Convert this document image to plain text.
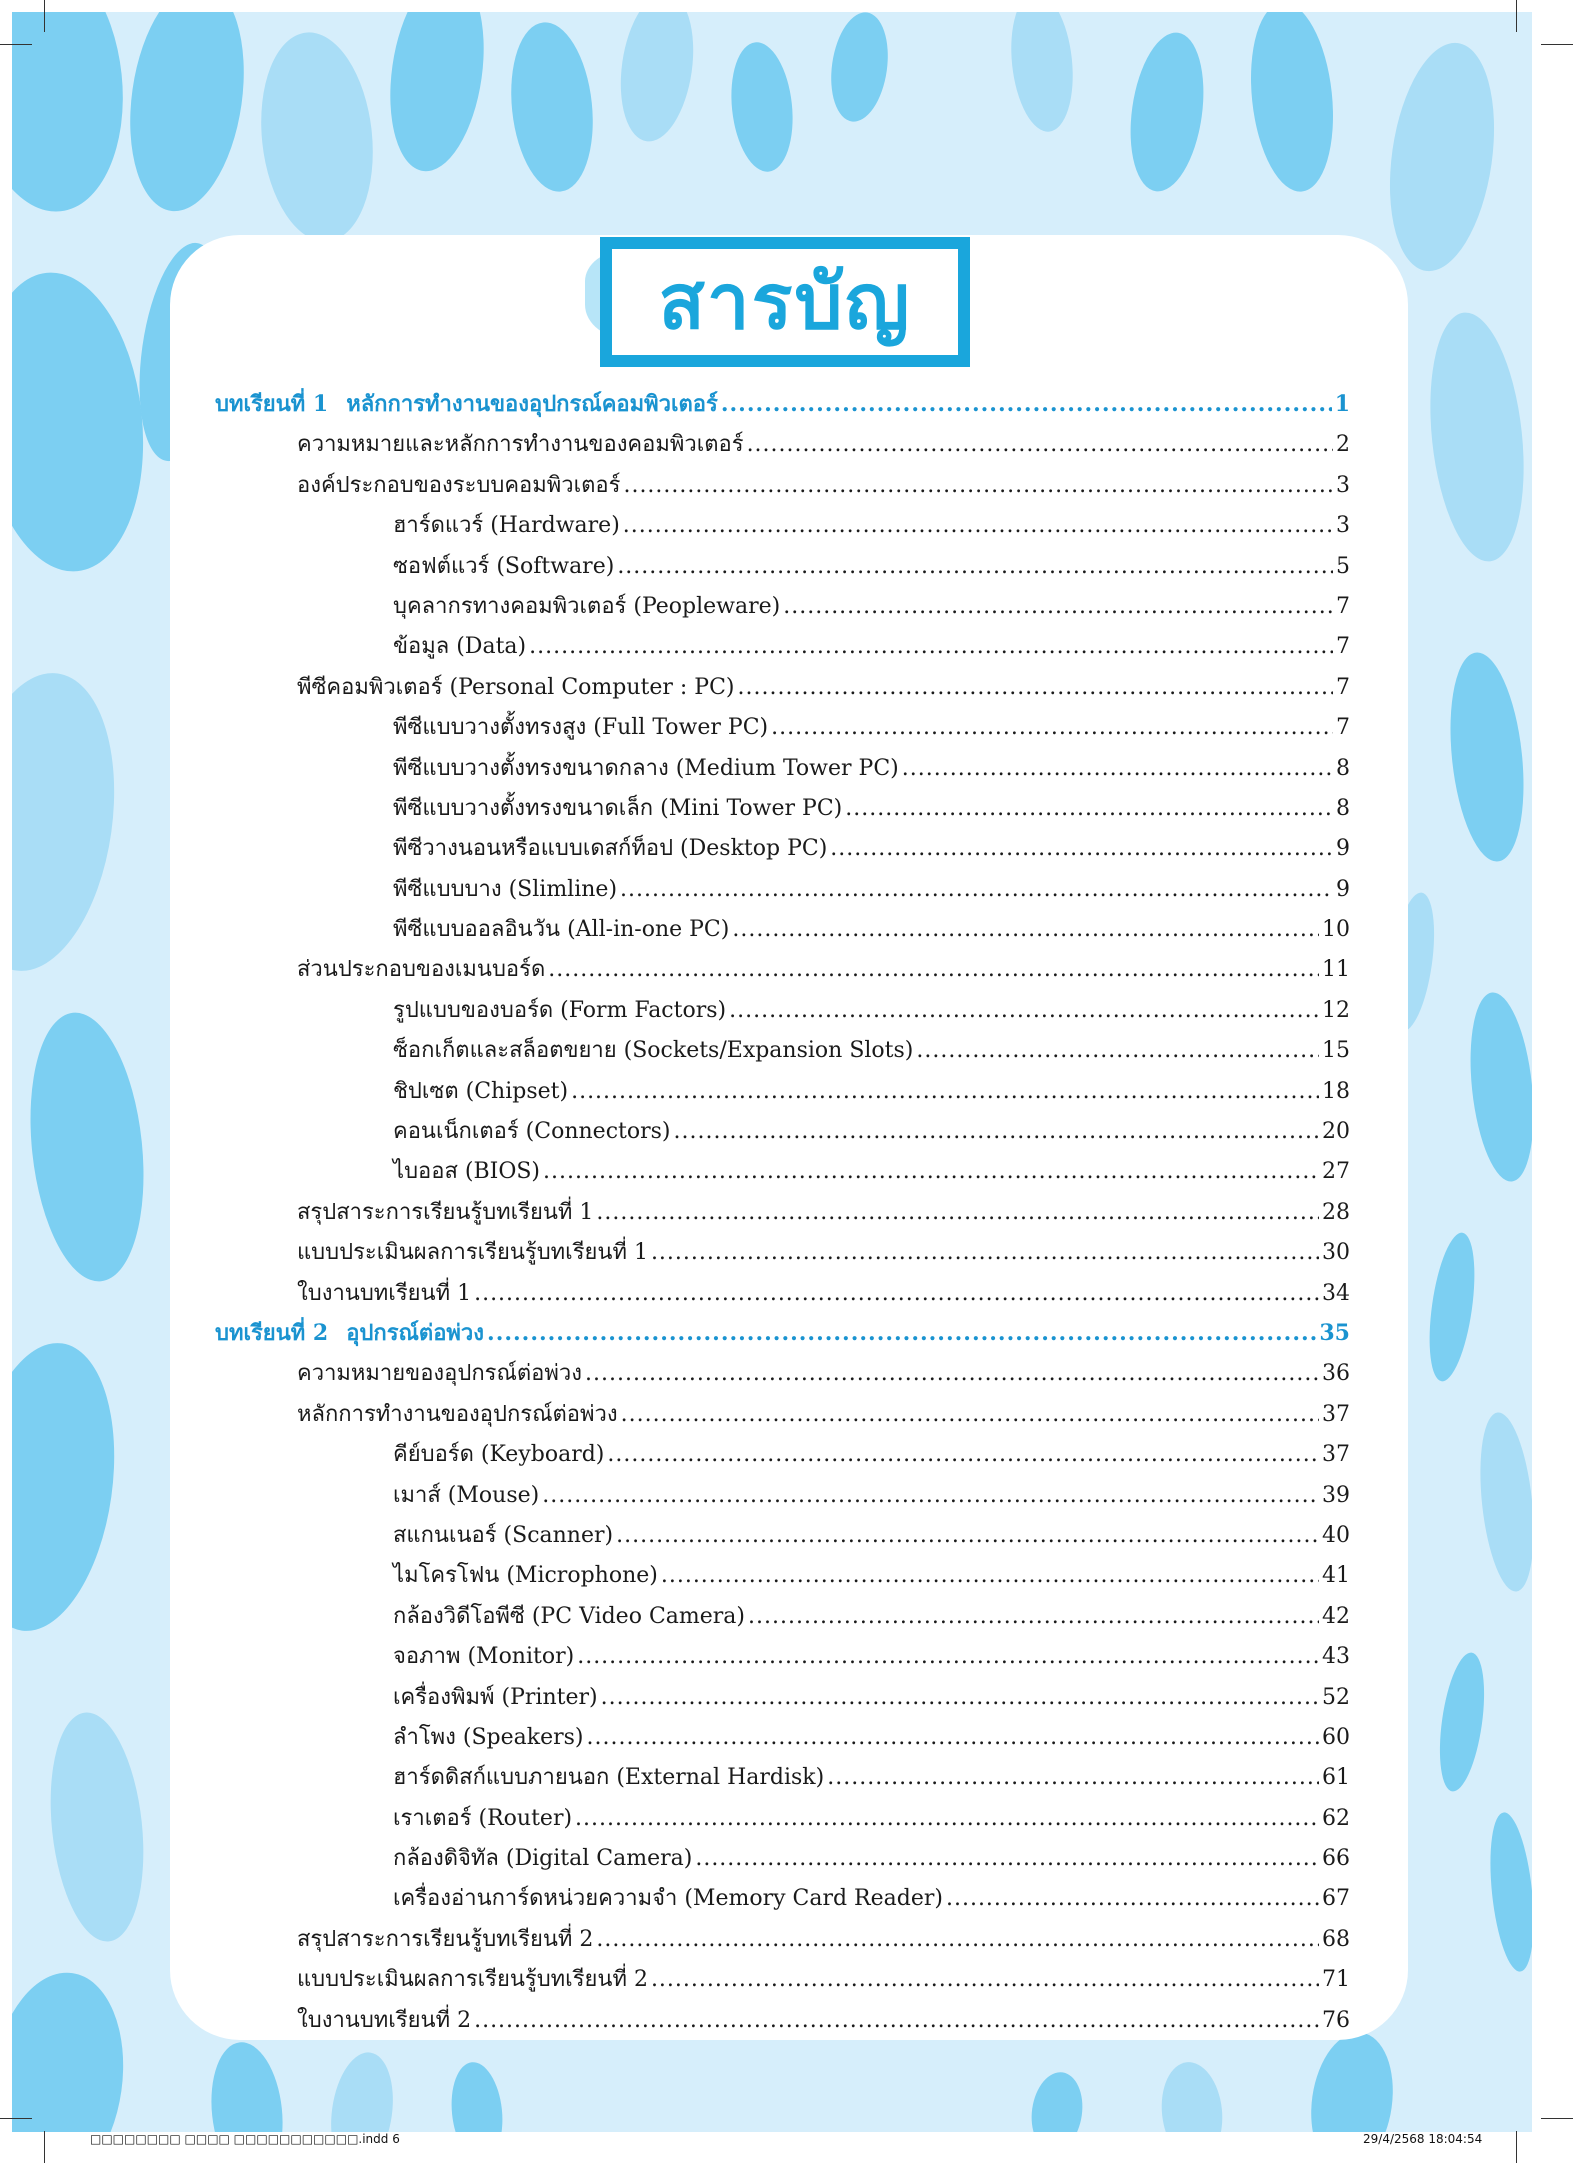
สารบัญ
บทเรียนที่ 1 หลักการทำงานของอุปกรณ์คอมพิวเตอร์ .....	1
ความหมายและหลักการทำงานของคอมพิวเตอร์ .....	2
องค์ประกอบของระบบคอมพิวเตอร์ .....	3
ฮาร์ดแวร์ (Hardware) .....	3
ซอฟต์แวร์ (Software) .....	5
บุคลากรทางคอมพิวเตอร์ (Peopleware) .....	7
ข้อมูล (Data) .....	7
พีซีคอมพิวเตอร์ (Personal Computer : PC) .....	7
พีซีแบบวางตั้งทรงสูง (Full Tower PC) .....	7
พีซีแบบวางตั้งทรงขนาดกลาง (Medium Tower PC) .....	8
พีซีแบบวางตั้งทรงขนาดเล็ก (Mini Tower PC) .....	8
พีซีวางนอนหรือแบบเดสก์ท็อป (Desktop PC) .....	9
พีซีแบบบาง (Slimline) .....	9
พีซีแบบออลอินวัน (All-in-one PC) .....	10
ส่วนประกอบของเมนบอร์ด .....	11
รูปแบบของบอร์ด (Form Factors) .....	12
ซ็อกเก็ตและสล็อตขยาย (Sockets/Expansion Slots) .....	15
ชิปเซต (Chipset) .....	18
คอนเน็กเตอร์ (Connectors) .....	20
ไบออส (BIOS) .....	27
สรุปสาระการเรียนรู้บทเรียนที่ 1 .....	28
แบบประเมินผลการเรียนรู้บทเรียนที่ 1 .....	30
ใบงานบทเรียนที่ 1 .....	34
บทเรียนที่ 2 อุปกรณ์ต่อพ่วง .....	35
ความหมายของอุปกรณ์ต่อพ่วง .....	36
หลักการทำงานของอุปกรณ์ต่อพ่วง .....	37
คีย์บอร์ด (Keyboard) .....	37
เมาส์ (Mouse) .....	39
สแกนเนอร์ (Scanner) .....	40
ไมโครโฟน (Microphone) .....	41
กล้องวิดีโอพีซี (PC Video Camera) .....	42
จอภาพ (Monitor) .....	43
เครื่องพิมพ์ (Printer) .....	52
ลำโพง (Speakers) .....	60
ฮาร์ดดิสก์แบบภายนอก (External Hardisk) .....	61
เราเตอร์ (Router) .....	62
กล้องดิจิทัล (Digital Camera) .....	66
เครื่องอ่านการ์ดหน่วยความจำ (Memory Card Reader) .....	67
สรุปสาระการเรียนรู้บทเรียนที่ 2 .....	68
แบบประเมินผลการเรียนรู้บทเรียนที่ 2 .....	71
ใบงานบทเรียนที่ 2 .....	76
□□□□□□□□ □□□□ □□□□□□□□□□□.indd 6	29/4/2568 18:04:54
